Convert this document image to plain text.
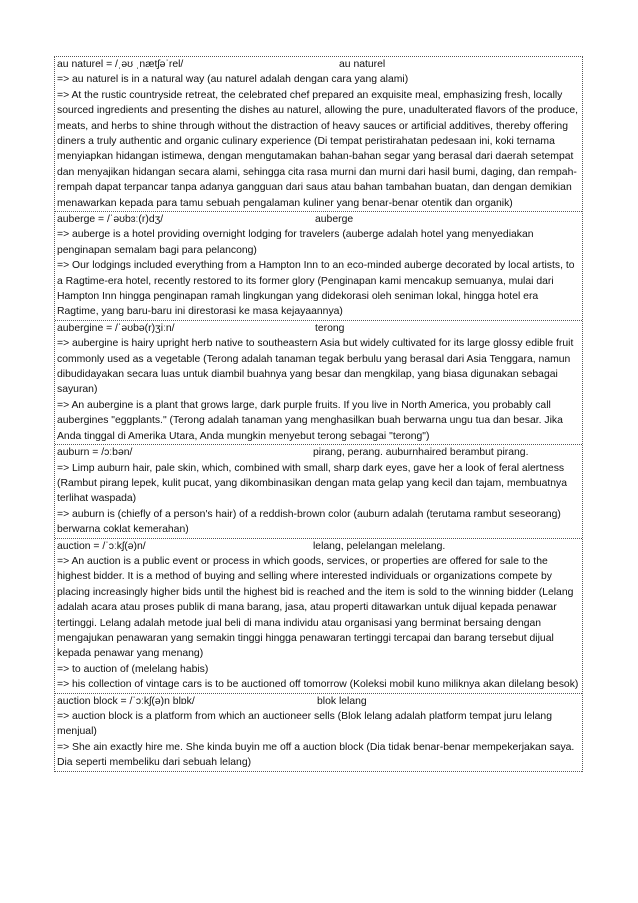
au naturel = /ˌəʊ ˌnætʃəˈrel/	au naturel

=> au naturel is in a natural way (au naturel adalah dengan cara yang alami)

=> At the rustic countryside retreat, the celebrated chef prepared an exquisite meal, emphasizing fresh, locally sourced ingredients and presenting the dishes au naturel, allowing the pure, unadulterated flavors of the produce, meats, and herbs to shine through without the distraction of heavy sauces or artificial additives, thereby offering diners a truly authentic and organic culinary experience (Di tempat peristirahatan pedesaan ini, koki ternama menyiapkan hidangan istimewa, dengan mengutamakan bahan-bahan segar yang berasal dari daerah setempat dan menyajikan hidangan secara alami, sehingga cita rasa murni dan murni dari hasil bumi, daging, dan rempah-rempah dapat terpancar tanpa adanya gangguan dari saus atau bahan tambahan buatan, dan dengan demikian menawarkan kepada para tamu sebuah pengalaman kuliner yang benar-benar otentik dan organik)

auberge = /ˈəʊbɜː(r)dʒ/	auberge

=> auberge is a hotel providing overnight lodging for travelers (auberge adalah hotel yang menyediakan penginapan semalam bagi para pelancong)

=> Our lodgings included everything from a Hampton Inn to an eco-minded auberge decorated by local artists, to a Ragtime-era hotel, recently restored to its former glory (Penginapan kami mencakup semuanya, mulai dari Hampton Inn hingga penginapan ramah lingkungan yang didekorasi oleh seniman lokal, hingga hotel era Ragtime, yang baru-baru ini direstorasi ke masa kejayaannya)

aubergine = /ˈəʊbə(r)ʒiːn/	terong

=> aubergine is hairy upright herb native to southeastern Asia but widely cultivated for its large glossy edible fruit commonly used as a vegetable (Terong adalah tanaman tegak berbulu yang berasal dari Asia Tenggara, namun dibudidayakan secara luas untuk diambil buahnya yang besar dan mengkilap, yang biasa digunakan sebagai sayuran)

=> An aubergine is a plant that grows large, dark purple fruits. If you live in North America, you probably call aubergines "eggplants." (Terong adalah tanaman yang menghasilkan buah berwarna ungu tua dan besar. Jika Anda tinggal di Amerika Utara, Anda mungkin menyebut terong sebagai "terong")

auburn = /ɔːbən/	pirang, perang. auburnhaired berambut pirang.

=> Limp auburn hair, pale skin, which, combined with small, sharp dark eyes, gave her a look of feral alertness (Rambut pirang lepek, kulit pucat, yang dikombinasikan dengan mata gelap yang kecil dan tajam, membuatnya terlihat waspada)

=> auburn is (chiefly of a person's hair) of a reddish-brown color (auburn adalah (terutama rambut seseorang) berwarna coklat kemerahan)

auction = /ˈɔːkʃ(ə)n/	lelang, pelelangan melelang.

=> An auction is a public event or process in which goods, services, or properties are offered for sale to the highest bidder. It is a method of buying and selling where interested individuals or organizations compete by placing increasingly higher bids until the highest bid is reached and the item is sold to the winning bidder (Lelang adalah acara atau proses publik di mana barang, jasa, atau properti ditawarkan untuk dijual kepada penawar tertinggi. Lelang adalah metode jual beli di mana individu atau organisasi yang berminat bersaing dengan mengajukan penawaran yang semakin tinggi hingga penawaran tertinggi tercapai dan barang tersebut dijual kepada penawar yang menang)

=> to auction of (melelang habis)

=> his collection of vintage cars is to be auctioned off tomorrow (Koleksi mobil kuno miliknya akan dilelang besok)

auction block = /ˈɔːkʃ(ə)n blɒk/	blok lelang

=> auction block is a platform from which an auctioneer sells (Blok lelang adalah platform tempat juru lelang menjual)

=> She ain exactly hire me. She kinda buyin me off a auction block (Dia tidak benar-benar mempekerjakan saya. Dia seperti membeliku dari sebuah lelang)
